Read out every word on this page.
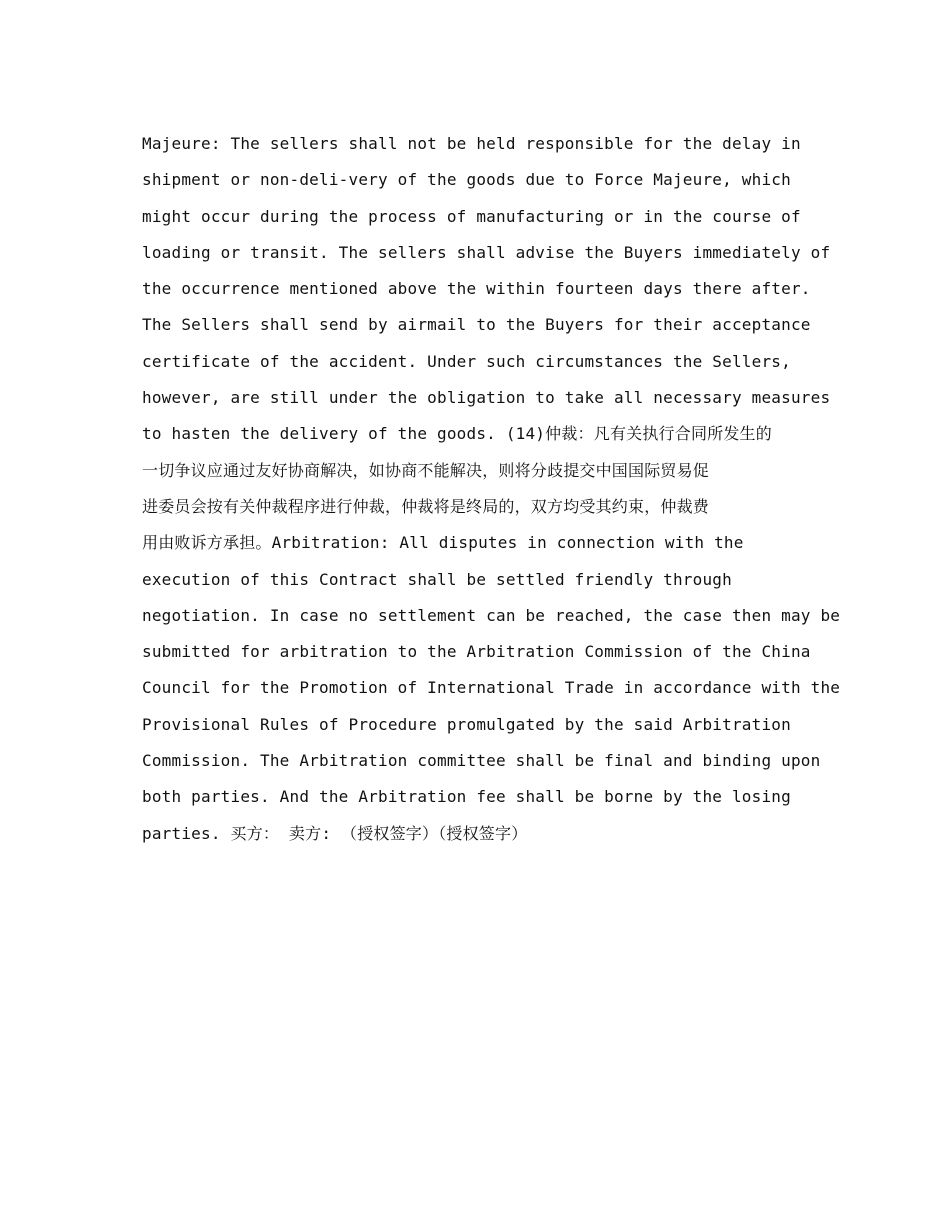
Majeure: The sellers shall not be held responsible for the delay in
shipment or non-deli-very of the goods due to Force Majeure, which
might occur during the process of manufacturing or in the course of
loading or transit. The sellers shall advise the Buyers immediately of
the occurrence mentioned above the within fourteen days there after.
The Sellers shall send by airmail to the Buyers for their acceptance
certificate of the accident. Under such circumstances the Sellers,
however, are still under the obligation to take all necessary measures
to hasten the delivery of the goods. (14)仲裁：凡有关执行合同所发生的
一切争议应通过友好协商解决，如协商不能解决，则将分歧提交中国国际贸易促
进委员会按有关仲裁程序进行仲裁，仲裁将是终局的，双方均受其约束，仲裁费
用由败诉方承担。Arbitration: All disputes in connection with the
execution of this Contract shall be settled friendly through
negotiation. In case no settlement can be reached, the case then may be
submitted for arbitration to the Arbitration Commission of the China
Council for the Promotion of International Trade in accordance with the
Provisional Rules of Procedure promulgated by the said Arbitration
Commission. The Arbitration committee shall be final and binding upon
both parties. And the Arbitration fee shall be borne by the losing
parties. 买方： 卖方: （授权签字）（授权签字）
